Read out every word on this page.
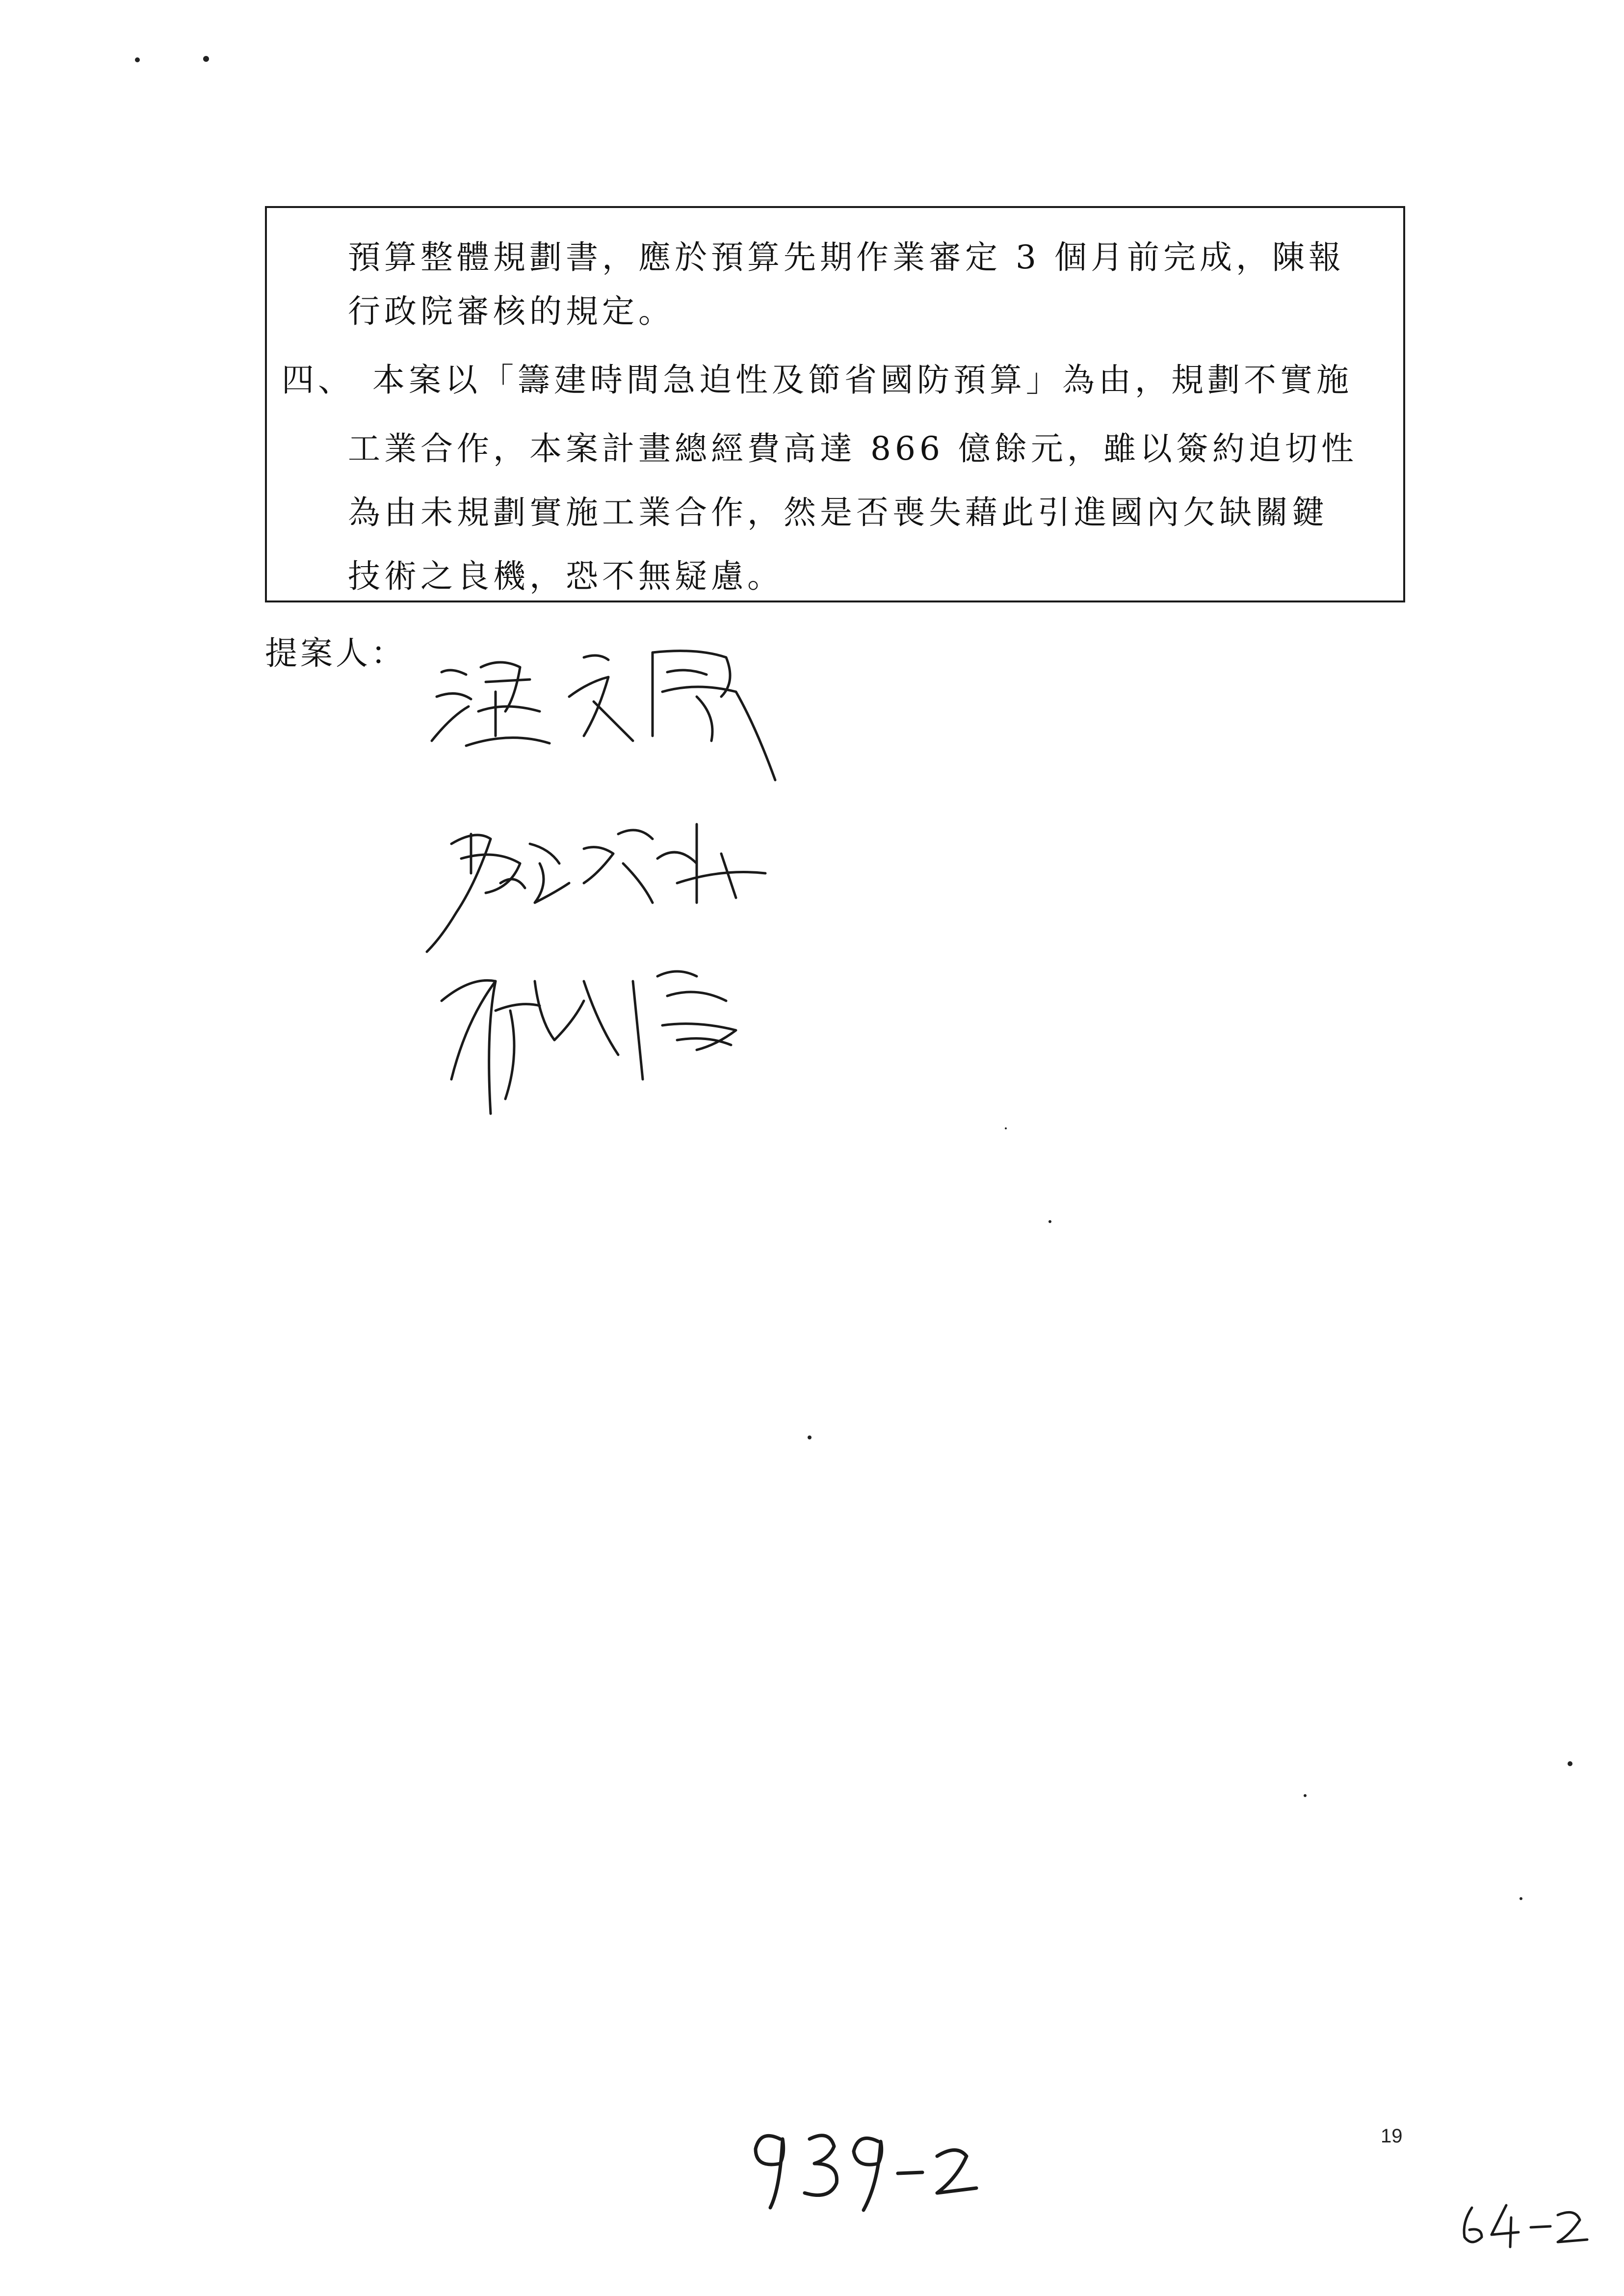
預算整體規劃書，應於預算先期作業審定 3 個月前完成，陳報
行政院審核的規定。
四、 本案以「籌建時間急迫性及節省國防預算」為由，規劃不實施
工業合作，本案計畫總經費高達 866 億餘元，雖以簽約迫切性
為由未規劃實施工業合作，然是否喪失藉此引進國內欠缺關鍵
技術之良機，恐不無疑慮。
提案人：
19
